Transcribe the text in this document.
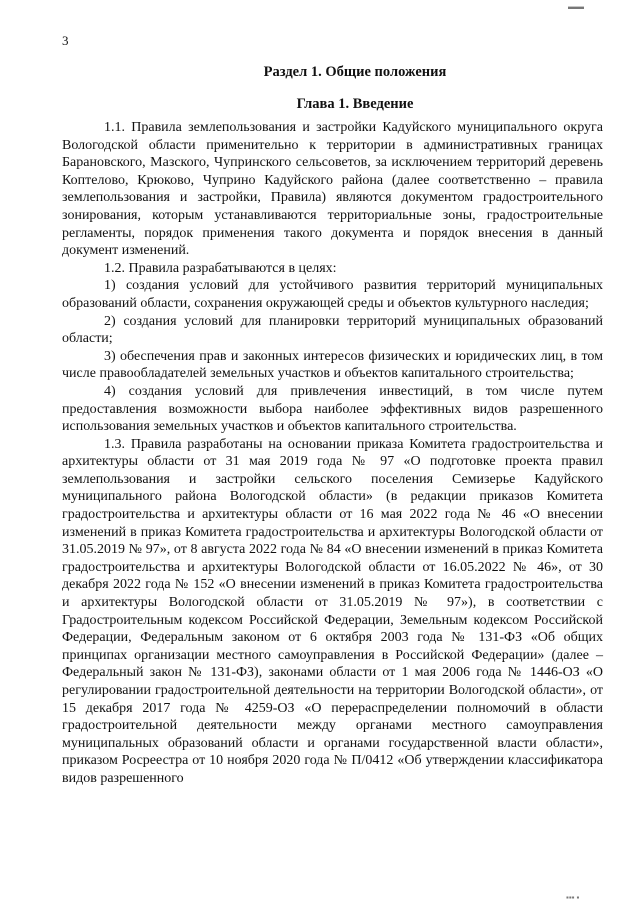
3
Раздел 1. Общие положения
Глава 1. Введение

1.1. Правила землепользования и застройки Кадуйского муниципального округа Вологодской области применительно к территории в административных границах Барановского, Мазского, Чупринского сельсоветов, за исключением территорий деревень Коптелово, Крюково, Чуприно Кадуйского района (далее соответственно – правила землепользования и застройки, Правила) являются документом градостроительного зонирования, которым устанавливаются территориальные зоны, градостроительные регламенты, порядок применения такого документа и порядок внесения в данный документ изменений.

1.2. Правила разрабатываются в целях:

1) создания условий для устойчивого развития территорий муниципальных образований области, сохранения окружающей среды и объектов культурного наследия;

2) создания условий для планировки территорий муниципальных образований области;

3) обеспечения прав и законных интересов физических и юридических лиц, в том числе правообладателей земельных участков и объектов капитального строительства;

4) создания условий для привлечения инвестиций, в том числе путем предоставления возможности выбора наиболее эффективных видов разрешенного использования земельных участков и объектов капитального строительства.

1.3. Правила разработаны на основании приказа Комитета градостроительства и архитектуры области от 31 мая 2019 года № 97 «О подготовке проекта правил землепользования и застройки сельского поселения Семизерье Кадуйского муниципального района Вологодской области» (в редакции приказов Комитета градостроительства и архитектуры области от 16 мая 2022 года № 46 «О внесении изменений в приказ Комитета градостроительства и архитектуры Вологодской области от 31.05.2019 № 97», от 8 августа 2022 года № 84 «О внесении изменений в приказ Комитета градостроительства и архитектуры Вологодской области от 16.05.2022 № 46», от 30 декабря 2022 года № 152 «О внесении изменений в приказ Комитета градостроительства и архитектуры Вологодской области от 31.05.2019 № 97»), в соответствии с Градостроительным кодексом Российской Федерации, Земельным кодексом Российской Федерации, Федеральным законом от 6 октября 2003 года № 131-ФЗ «Об общих принципах организации местного самоуправления в Российской Федерации» (далее – Федеральный закон № 131-ФЗ), законами области от 1 мая 2006 года № 1446-ОЗ «О регулировании градостроительной деятельности на территории Вологодской области», от 15 декабря 2017 года № 4259-ОЗ «О перераспределении полномочий в области градостроительной деятельности между органами местного самоуправления муниципальных образований области и органами государственной власти области», приказом Росреестра от 10 ноября 2020 года № П/0412 «Об утверждении классификатора видов разрешенного

▬▬
▪▪▪ ▪
